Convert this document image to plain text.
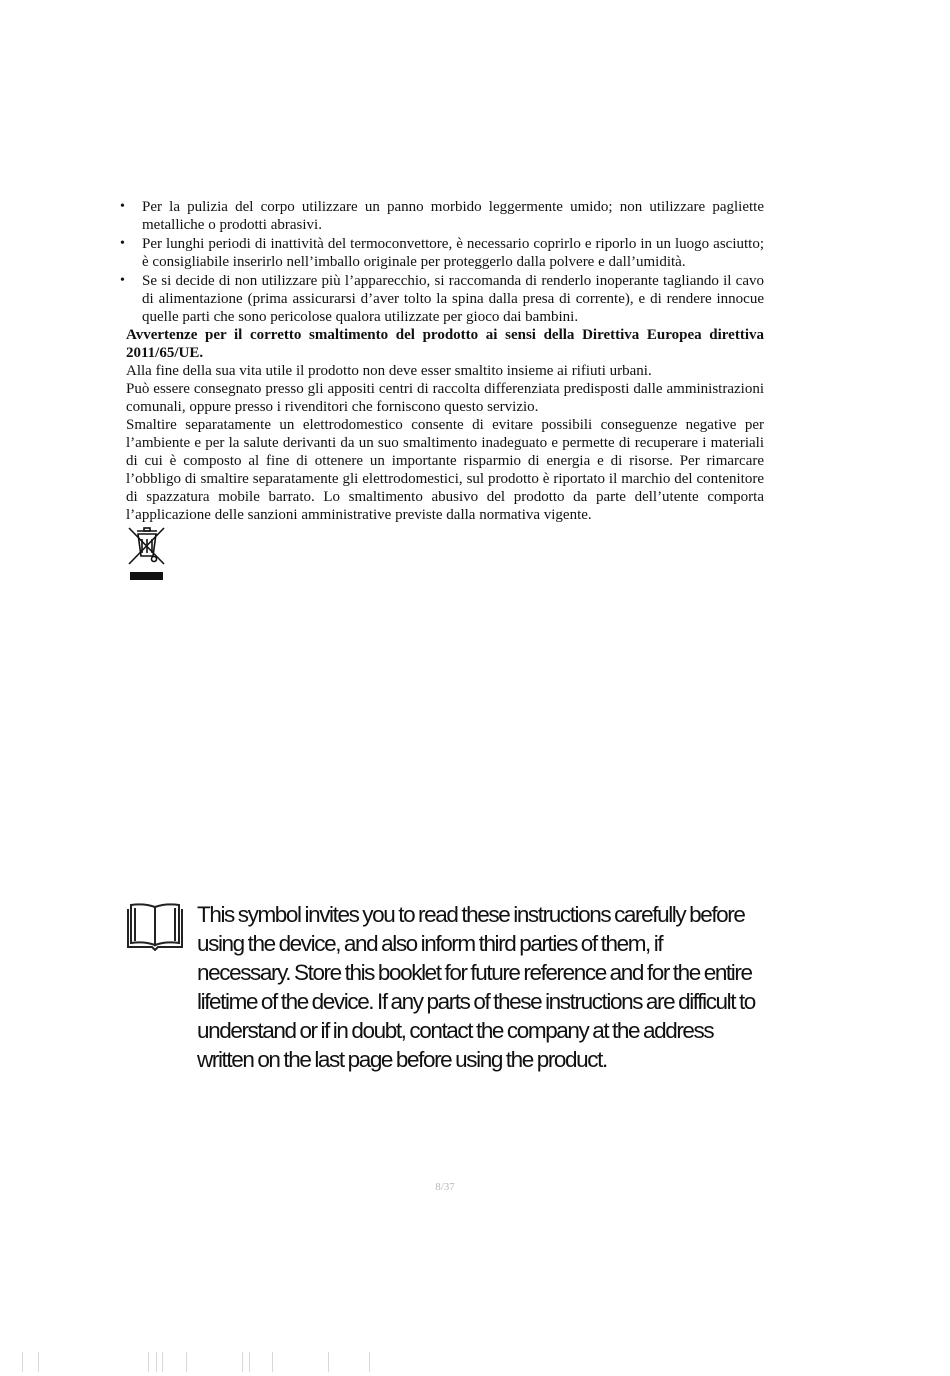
• Per la pulizia del corpo utilizzare un panno morbido leggermente umido; non utilizzare pagliette metalliche o prodotti abrasivi.
• Per lunghi periodi di inattività del termoconvettore, è necessario coprirlo e riporlo in un luogo asciutto; è consigliabile inserirlo nell’imballo originale per proteggerlo dalla polvere e dall’umidità.
• Se si decide di non utilizzare più l’apparecchio, si raccomanda di renderlo inoperante tagliando il cavo di alimentazione (prima assicurarsi d’aver tolto la spina dalla presa di corrente), e di rendere innocue quelle parti che sono pericolose qualora utilizzate per gioco dai bambini.

Avvertenze per il corretto smaltimento del prodotto ai sensi della Direttiva Europea direttiva 2011/65/UE.

Alla fine della sua vita utile il prodotto non deve esser smaltito insieme ai rifiuti urbani.

Può essere consegnato presso gli appositi centri di raccolta differenziata predisposti dalle amministrazioni comunali, oppure presso i rivenditori che forniscono questo servizio.

Smaltire separatamente un elettrodomestico consente di evitare possibili conseguenze negative per l’ambiente e per la salute derivanti da un suo smaltimento inadeguato e permette di recuperare i materiali di cui è composto al fine di ottenere un importante risparmio di energia e di risorse. Per rimarcare l’obbligo di smaltire separatamente gli elettrodomestici, sul prodotto è riportato il marchio del contenitore di spazzatura mobile barrato. Lo smaltimento abusivo del prodotto da parte dell’utente comporta l’applicazione delle sanzioni amministrative previste dalla normativa vigente.

This symbol invites you to read these instructions carefully before using the device, and also inform third parties of them, if necessary. Store this booklet for future reference and for the entire lifetime of the device. If any parts of these instructions are difficult to understand or if in doubt, contact the company at the address written on the last page before using the product.
8/37
